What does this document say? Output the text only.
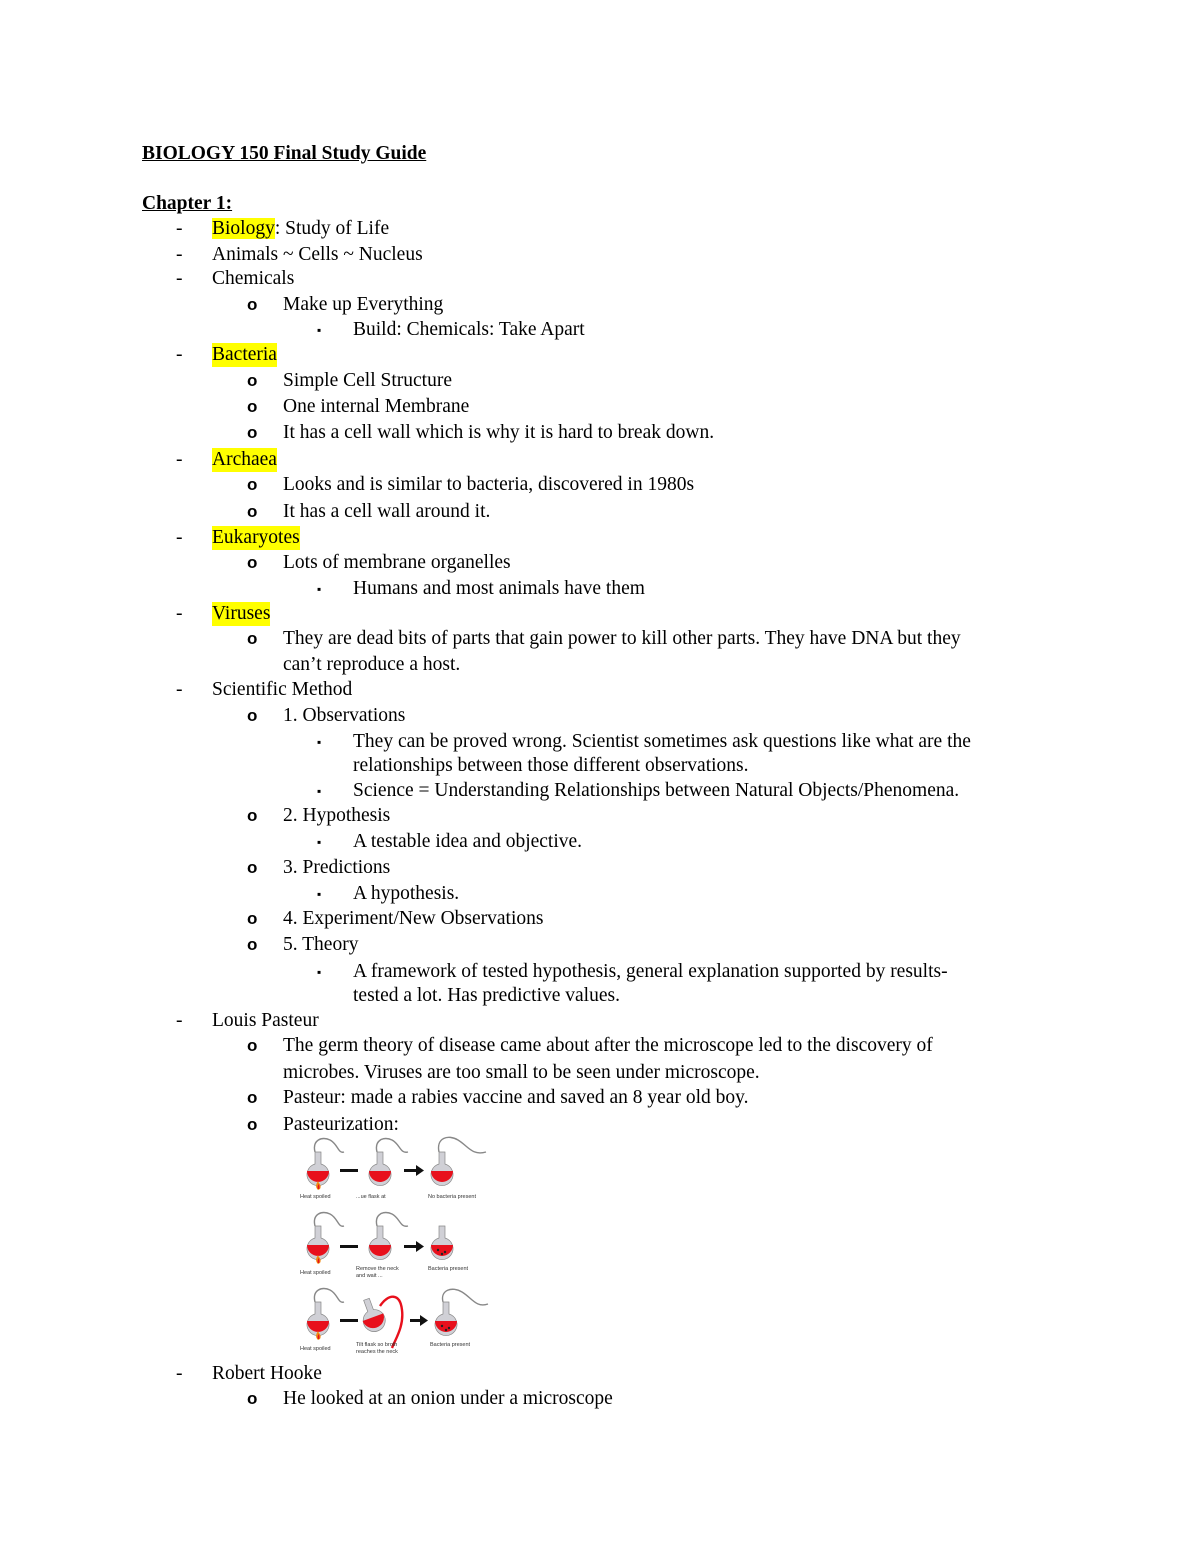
BIOLOGY 150 Final Study Guide
Chapter 1:
- Biology: Study of Life
- Animals ~ Cells ~ Nucleus
- Chemicals
o Make up Everything
▪ Build: Chemicals: Take Apart
- Bacteria
o Simple Cell Structure
o One internal Membrane
o It has a cell wall which is why it is hard to break down.
- Archaea
o Looks and is similar to bacteria, discovered in 1980s
o It has a cell wall around it.
- Eukaryotes
o Lots of membrane organelles
▪ Humans and most animals have them
- Viruses
o They are dead bits of parts that gain power to kill other parts. They have DNA but they
can’t reproduce a host.
- Scientific Method
o 1. Observations
▪ They can be proved wrong. Scientist sometimes ask questions like what are the
relationships between those different observations.
▪ Science = Understanding Relationships between Natural Objects/Phenomena.
o 2. Hypothesis
▪ A testable idea and objective.
o 3. Predictions
▪ A hypothesis.
o 4. Experiment/New Observations
o 5. Theory
▪ A framework of tested hypothesis, general explanation supported by results-
tested a lot. Has predictive values.
- Louis Pasteur
o The germ theory of disease came about after the microscope led to the discovery of
microbes. Viruses are too small to be seen under microscope.
o Pasteur: made a rabies vaccine and saved an 8 year old boy.
o Pasteurization:
Heat spoiled	...ue flask at	No bacteria present
Heat spoiled
Remove the neck
and wait ...
Bacteria present
Heat spoiled
Tilt flask so broth
reaches the neck
Bacteria present
- Robert Hooke
o He looked at an onion under a microscope
